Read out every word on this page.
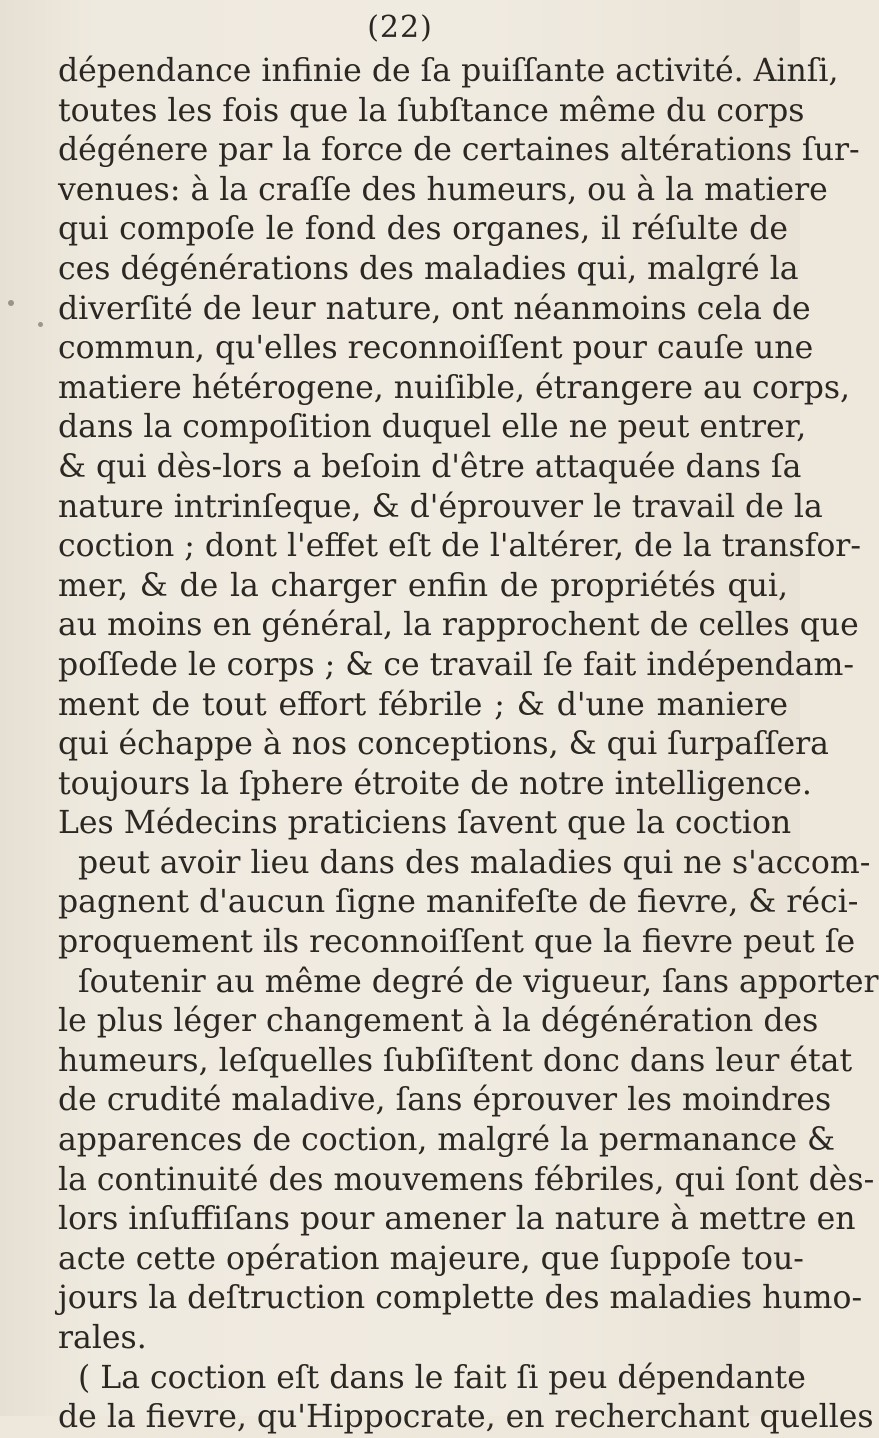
(22)
dépendance infinie de ſa puiſſante activité. Ainſi,
toutes les fois que la ſubſtance même du corps
dégénere par la force de certaines altérations ſur-
venues: à la craſſe des humeurs, ou à la matiere
qui compoſe le fond des organes, il réſulte de
ces dégénérations des maladies qui, malgré la
diverſité de leur nature, ont néanmoins cela de
commun, qu'elles reconnoiſſent pour cauſe une
matiere hétérogene, nuiſible, étrangere au corps,
dans la compoſition duquel elle ne peut entrer,
& qui dès-lors a beſoin d'être attaquée dans ſa
nature intrinſeque, & d'éprouver le travail de la
coction ; dont l'effet eſt de l'altérer, de la transfor-
mer, & de la charger enfin de propriétés qui,
au moins en général, la rapprochent de celles que
poſſede le corps ; & ce travail ſe fait indépendam-
ment de tout effort fébrile ; & d'une maniere
qui échappe à nos conceptions, & qui ſurpaſſera
toujours la ſphere étroite de notre intelligence.
Les Médecins praticiens ſavent que la coction
peut avoir lieu dans des maladies qui ne s'accom-
pagnent d'aucun ſigne manifeſte de fievre, & réci-
proquement ils reconnoiſſent que la fievre peut ſe
ſoutenir au même degré de vigueur, ſans apporter
le plus léger changement à la dégénération des
humeurs, leſquelles ſubſiſtent donc dans leur état
de crudité maladive, ſans éprouver les moindres
apparences de coction, malgré la permanance &
la continuité des mouvemens fébriles, qui ſont dès-
lors inſuffiſans pour amener la nature à mettre en
acte cette opération majeure, que ſuppoſe tou-
jours la deſtruction complette des maladies humo-
rales.
( La coction eſt dans le fait ſi peu dépendante
de la fievre, qu'Hippocrate, en recherchant quelles
